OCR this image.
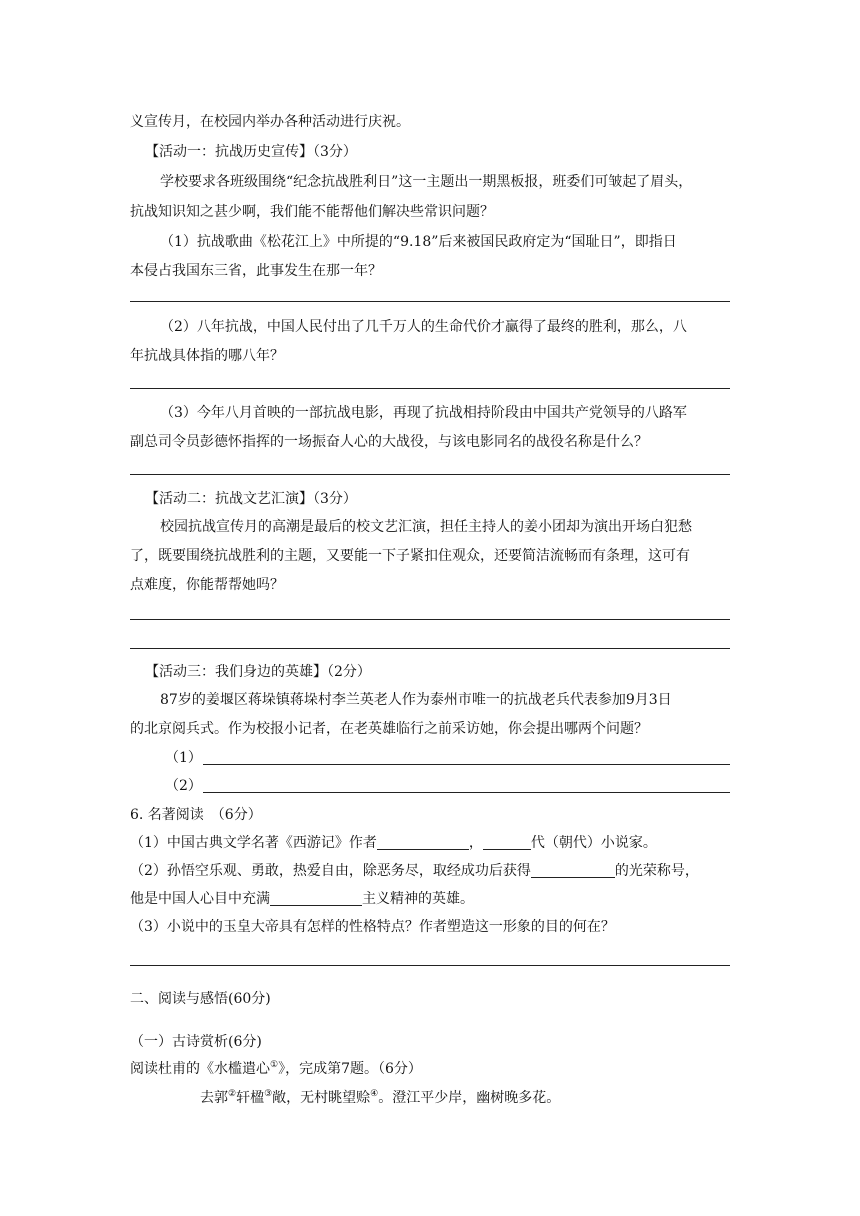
义宣传月，在校园内举办各种活动进行庆祝。
【活动一：抗战历史宣传】（3分）
学校要求各班级围绕“纪念抗战胜利日”这一主题出一期黑板报，班委们可皱起了眉头，
抗战知识知之甚少啊，我们能不能帮他们解决些常识问题？
（1）抗战歌曲《松花江上》中所提的“9.18”后来被国民政府定为“国耻日”，即指日
本侵占我国东三省，此事发生在那一年？
（2）八年抗战，中国人民付出了几千万人的生命代价才赢得了最终的胜利，那么，八
年抗战具体指的哪八年？
（3）今年八月首映的一部抗战电影，再现了抗战相持阶段由中国共产党领导的八路军
副总司令员彭德怀指挥的一场振奋人心的大战役，与该电影同名的战役名称是什么？
【活动二：抗战文艺汇演】（3分）
校园抗战宣传月的高潮是最后的校文艺汇演，担任主持人的姜小团却为演出开场白犯愁
了，既要围绕抗战胜利的主题，又要能一下子紧扣住观众，还要简洁流畅而有条理，这可有
点难度，你能帮帮她吗？
【活动三：我们身边的英雄】（2分）
87岁的姜堰区蒋垛镇蒋垛村李兰英老人作为泰州市唯一的抗战老兵代表参加9月3日
的北京阅兵式。作为校报小记者，在老英雄临行之前采访她，你会提出哪两个问题？
（1）
（2）
6. 名著阅读　（6分）
（1）中国古典文学名著《西游记》作者	，	代（朝代）小说家。
（2）孙悟空乐观、勇敢，热爱自由，除恶务尽，取经成功后获得	的光荣称号，
他是中国人心目中充满	主义精神的英雄。
（3）小说中的玉皇大帝具有怎样的性格特点？作者塑造这一形象的目的何在？
二、阅读与感悟(60分)
（一）古诗赏析(6分)
阅读杜甫的《水槛遣心①》，完成第7题。（6分）
去郭②轩楹③敞，无村眺望赊④。澄江平少岸，幽树晚多花。
